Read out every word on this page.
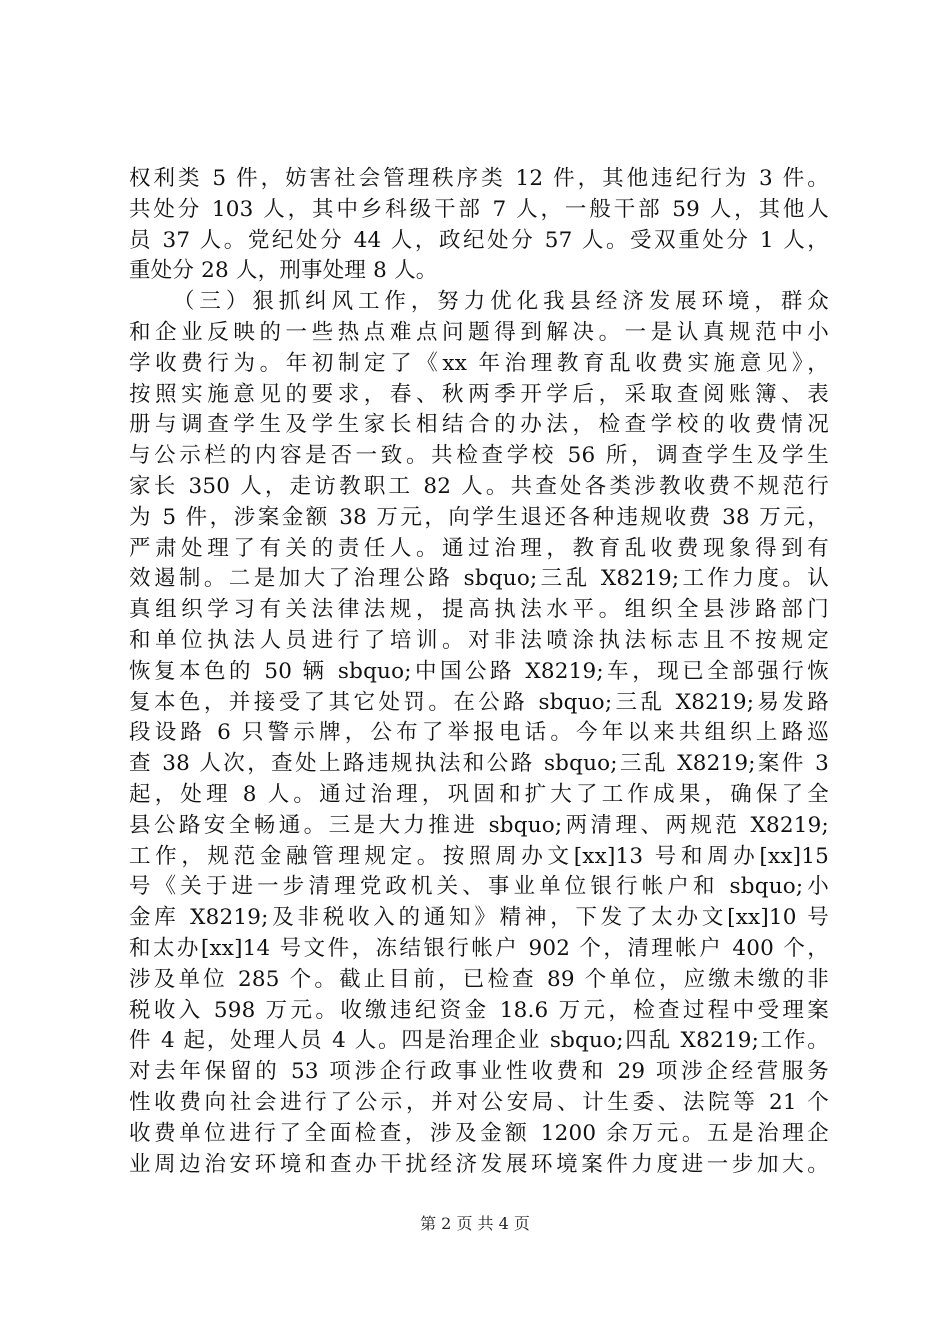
权利类 5 件，妨害社会管理秩序类 12 件，其他违纪行为 3 件。
共处分 103 人，其中乡科级干部 7 人，一般干部 59 人，其他人
员 37 人。党纪处分 44 人，政纪处分 57 人。受双重处分 1 人，
重处分 28 人，刑事处理 8 人。
（三）狠抓纠风工作，努力优化我县经济发展环境，群众
和企业反映的一些热点难点问题得到解决。一是认真规范中小
学收费行为。年初制定了《xx 年治理教育乱收费实施意见》，
按照实施意见的要求，春、秋两季开学后，采取查阅账簿、表
册与调查学生及学生家长相结合的办法，检查学校的收费情况
与公示栏的内容是否一致。共检查学校 56 所，调查学生及学生
家长 350 人，走访教职工 82 人。共查处各类涉教收费不规范行
为 5 件，涉案金额 38 万元，向学生退还各种违规收费 38 万元，
严肃处理了有关的责任人。通过治理，教育乱收费现象得到有
效遏制。二是加大了治理公路 sbquo;三乱 X8219;工作力度。认
真组织学习有关法律法规，提高执法水平。组织全县涉路部门
和单位执法人员进行了培训。对非法喷涂执法标志且不按规定
恢复本色的 50 辆 sbquo;中国公路 X8219;车，现已全部强行恢
复本色，并接受了其它处罚。在公路 sbquo;三乱 X8219;易发路
段设路 6 只警示牌，公布了举报电话。今年以来共组织上路巡
查 38 人次，查处上路违规执法和公路 sbquo;三乱 X8219;案件 3
起，处理 8 人。通过治理，巩固和扩大了工作成果，确保了全
县公路安全畅通。三是大力推进 sbquo;两清理、两规范 X8219;
工作，规范金融管理规定。按照周办文[xx]13 号和周办[xx]15
号《关于进一步清理党政机关、事业单位银行帐户和 sbquo;小
金库 X8219;及非税收入的通知》精神，下发了太办文[xx]10 号
和太办[xx]14 号文件，冻结银行帐户 902 个，清理帐户 400 个，
涉及单位 285 个。截止目前，已检查 89 个单位，应缴未缴的非
税收入 598 万元。收缴违纪资金 18.6 万元，检查过程中受理案
件 4 起，处理人员 4 人。四是治理企业 sbquo;四乱 X8219;工作。
对去年保留的 53 项涉企行政事业性收费和 29 项涉企经营服务
性收费向社会进行了公示，并对公安局、计生委、法院等 21 个
收费单位进行了全面检查，涉及金额 1200 余万元。五是治理企
业周边治安环境和查办干扰经济发展环境案件力度进一步加大。
第 2 页 共 4 页
